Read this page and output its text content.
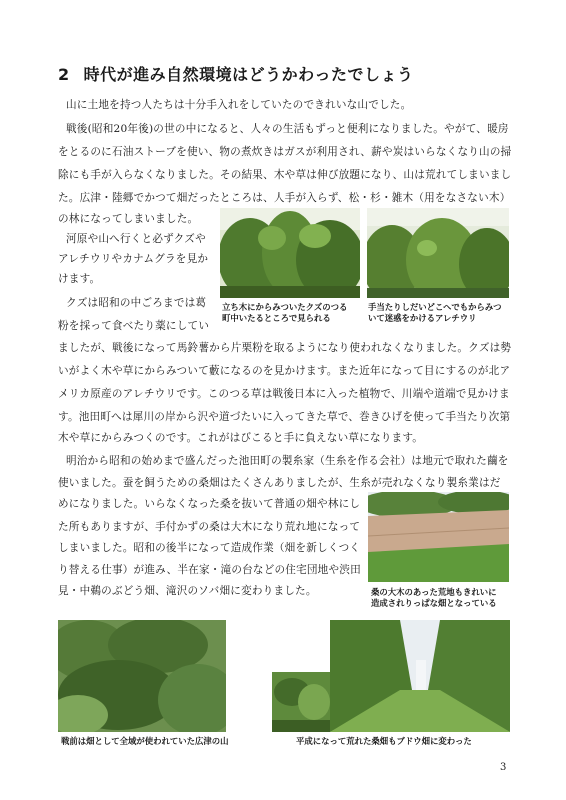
2 時代が進み自然環境はどうかわったでしょう
山に土地を持つ人たちは十分手入れをしていたのできれいな山でした。
戦後(昭和20年後)の世の中になると、人々の生活もずっと便利になりました。やがて、暖房
をとるのに石油ストーブを使い、物の煮炊きはガスが利用され、薪や炭はいらなくなり山の掃
除にも手が入らなくなりました。その結果、木や草は伸び放題になり、山は荒れてしまいまし
た。広津・陸郷でかつて畑だったところは、人手が入らず、松・杉・雑木（用をなさない木）
の林になってしまいました。
河原や山へ行くと必ずクズや
アレチウリやカナムグラを見か
けます。
クズは昭和の中ごろまでは葛
粉を採って食べたり薬にしてい
ましたが、戦後になって馬鈴薯から片栗粉を取るようになり使われなくなりました。クズは勢
いがよく木や草にからみついて藪になるのを見かけます。また近年になって目にするのが北ア
メリカ原産のアレチウリです。このつる草は戦後日本に入った植物で、川端や道端で見かけま
す。池田町へは犀川の岸から沢や道づたいに入ってきた草で、巻きひげを使って手当たり次第
木や草にからみつくのです。これがはびこると手に負えない草になります。
明治から昭和の始めまで盛んだった池田町の製糸家（生糸を作る会社）は地元で取れた繭を
使いました。蚕を飼うための桑畑はたくさんありましたが、生糸が売れなくなり製糸業はだ
めになりました。いらなくなった桑を抜いて普通の畑や林にし
た所もありますが、手付かずの桑は大木になり荒れ地になって
しまいました。昭和の後半になって造成作業（畑を新しくつく
り替える仕事）が進み、半在家・滝の台などの住宅団地や渋田
見・中鵜のぶどう畑、滝沢のソバ畑に変わりました。
立ち木にからみついたクズのつる
町中いたるところで見られる
手当たりしだいどこへでもからみつ
いて迷惑をかけるアレチウリ
桑の大木のあった荒地もきれいに
造成されりっぱな畑となっている
戦前は畑として全域が使われていた広津の山	平成になって荒れた桑畑もブドウ畑に変わった
3
